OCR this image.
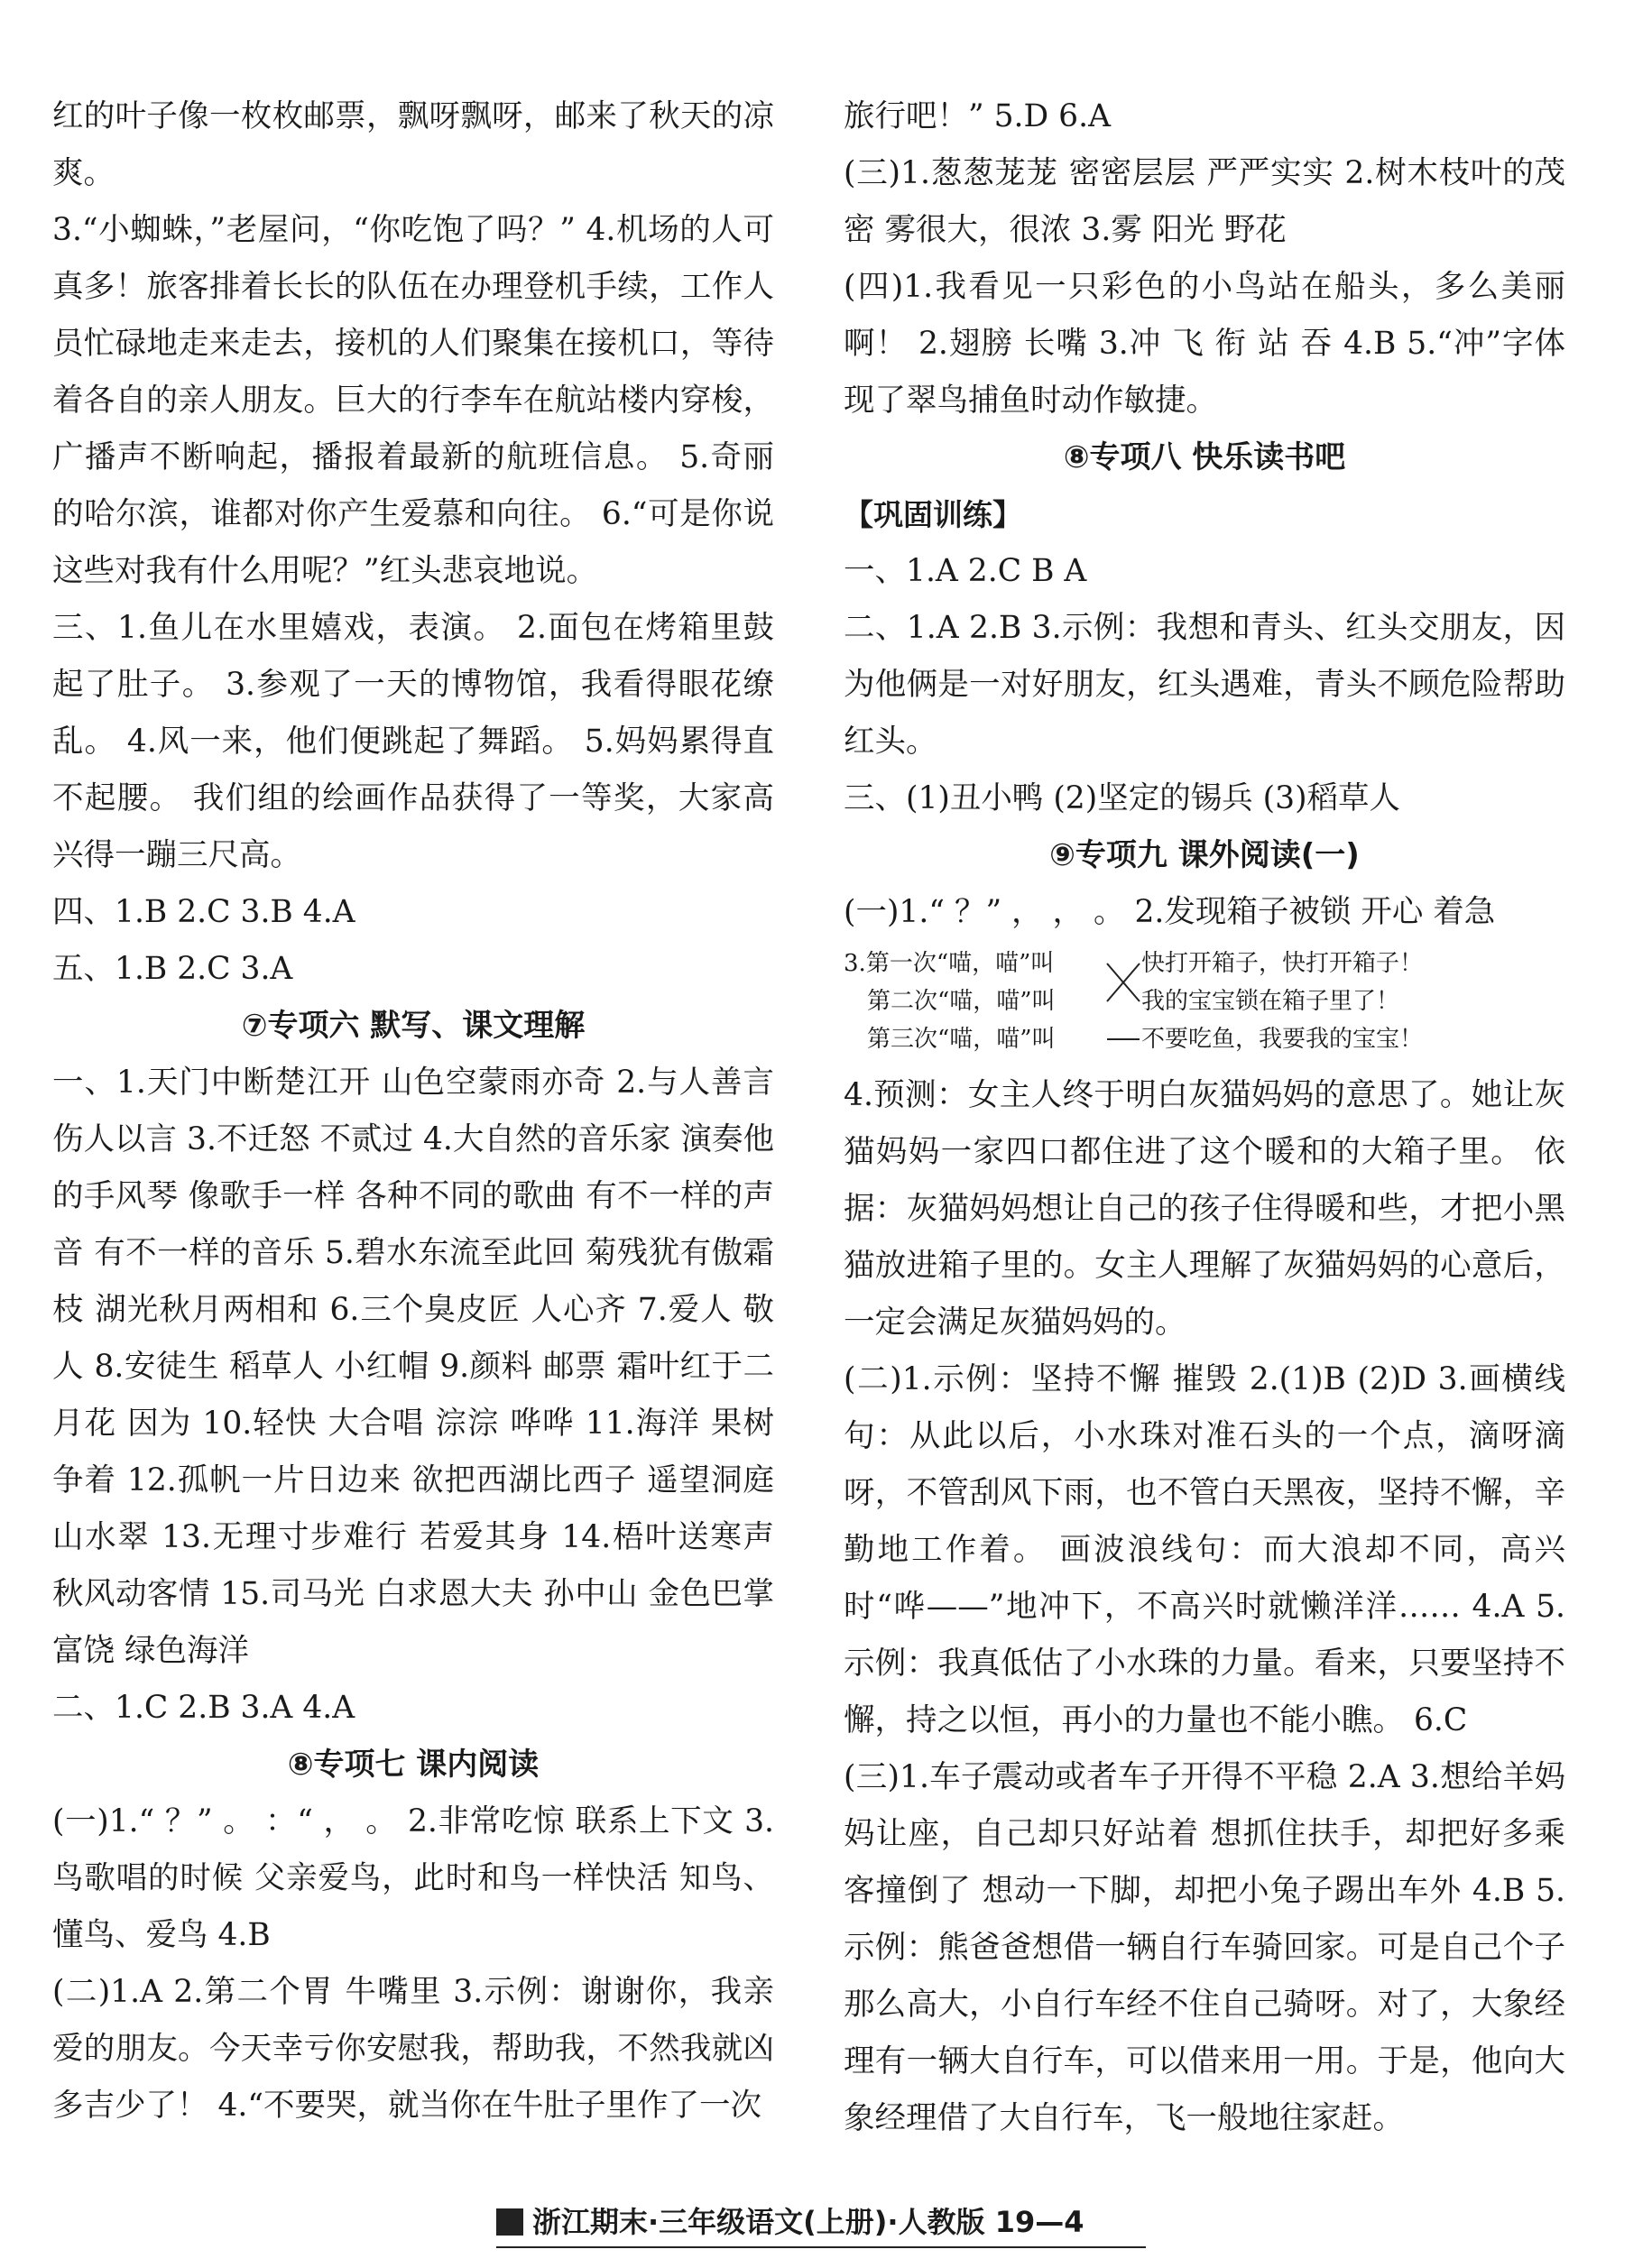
红的叶子像一枚枚邮票，飘呀飘呀，邮来了秋天的凉爽。

3.“小蜘蛛，”老屋问，“你吃饱了吗？” 4.机场的人可真多！旅客排着长长的队伍在办理登机手续，工作人员忙碌地走来走去，接机的人们聚集在接机口，等待着各自的亲人朋友。巨大的行李车在航站楼内穿梭，广播声不断响起，播报着最新的航班信息。 5.奇丽的哈尔滨，谁都对你产生爱慕和向往。 6.“可是你说这些对我有什么用呢？”红头悲哀地说。

三、1.鱼儿在水里嬉戏，表演。 2.面包在烤箱里鼓起了肚子。 3.参观了一天的博物馆，我看得眼花缭乱。 4.风一来，他们便跳起了舞蹈。 5.妈妈累得直不起腰。 我们组的绘画作品获得了一等奖，大家高兴得一蹦三尺高。

四、1.B 2.C 3.B 4.A

五、1.B 2.C 3.A

⑦专项六 默写、课文理解

一、1.天门中断楚江开 山色空蒙雨亦奇 2.与人善言 伤人以言 3.不迁怒 不贰过 4.大自然的音乐家 演奏他的手风琴 像歌手一样 各种不同的歌曲 有不一样的声音 有不一样的音乐 5.碧水东流至此回 菊残犹有傲霜枝 湖光秋月两相和 6.三个臭皮匠 人心齐 7.爱人 敬人 8.安徒生 稻草人 小红帽 9.颜料 邮票 霜叶红于二月花 因为 10.轻快 大合唱 淙淙 哗哗 11.海洋 果树 争着 12.孤帆一片日边来 欲把西湖比西子 遥望洞庭山水翠 13.无理寸步难行 若爱其身 14.梧叶送寒声 秋风动客情 15.司马光 白求恩大夫 孙中山 金色巴掌 富饶 绿色海洋

二、1.C 2.B 3.A 4.A

⑧专项七 课内阅读

(一)1.“ ？” 。 ：“ ， 。 2.非常吃惊 联系上下文 3.鸟歌唱的时候 父亲爱鸟，此时和鸟一样快活 知鸟、懂鸟、爱鸟 4.B

(二)1.A 2.第二个胃 牛嘴里 3.示例：谢谢你，我亲爱的朋友。今天幸亏你安慰我，帮助我，不然我就凶多吉少了！ 4.“不要哭，就当你在牛肚子里作了一次

旅行吧！” 5.D 6.A

(三)1.葱葱茏茏 密密层层 严严实实 2.树木枝叶的茂密 雾很大，很浓 3.雾 阳光 野花

(四)1.我看见一只彩色的小鸟站在船头，多么美丽啊！ 2.翅膀 长嘴 3.冲 飞 衔 站 吞 4.B 5.“冲”字体现了翠鸟捕鱼时动作敏捷。

⑧专项八 快乐读书吧

【巩固训练】

一、1.A 2.C B A

二、1.A 2.B 3.示例：我想和青头、红头交朋友，因为他俩是一对好朋友，红头遇难，青头不顾危险帮助红头。

三、(1)丑小鸭 (2)坚定的锡兵 (3)稻草人

⑨专项九 课外阅读(一)

(一)1.“ ？” ， ， 。 2.发现箱子被锁 开心 着急

3.第一次“喵，喵”叫
第二次“喵，喵”叫
第三次“喵，喵”叫
快打开箱子，快打开箱子！
我的宝宝锁在箱子里了！
不要吃鱼，我要我的宝宝！

4.预测：女主人终于明白灰猫妈妈的意思了。她让灰猫妈妈一家四口都住进了这个暖和的大箱子里。 依据：灰猫妈妈想让自己的孩子住得暖和些，才把小黑猫放进箱子里的。女主人理解了灰猫妈妈的心意后，一定会满足灰猫妈妈的。

(二)1.示例：坚持不懈 摧毁 2.(1)B (2)D 3.画横线句：从此以后，小水珠对准石头的一个点，滴呀滴呀，不管刮风下雨，也不管白天黑夜，坚持不懈，辛勤地工作着。 画波浪线句：而大浪却不同，高兴时“哗——”地冲下，不高兴时就懒洋洋…… 4.A 5.示例：我真低估了小水珠的力量。看来，只要坚持不懈，持之以恒，再小的力量也不能小瞧。 6.C

(三)1.车子震动或者车子开得不平稳 2.A 3.想给羊妈妈让座，自己却只好站着 想抓住扶手，却把好多乘客撞倒了 想动一下脚，却把小兔子踢出车外 4.B 5.示例：熊爸爸想借一辆自行车骑回家。可是自己个子那么高大，小自行车经不住自己骑呀。对了，大象经理有一辆大自行车，可以借来用一用。于是，他向大象经理借了大自行车，飞一般地往家赶。

浙江期末·三年级语文(上册)·人教版 19—4
